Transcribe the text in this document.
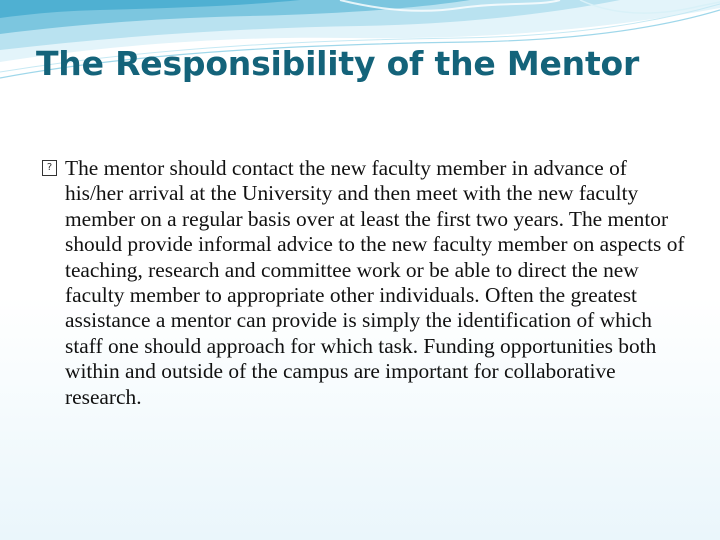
The Responsibility of the Mentor
? The mentor should contact the new faculty member in advance of his/her arrival at the University and then meet with the new faculty member on a regular basis over at least the first two years. The mentor should provide informal advice to the new faculty member on aspects of teaching, research and committee work or be able to direct the new faculty member to appropriate other individuals. Often the greatest assistance a mentor can provide is simply the identification of which staff one should approach for which task. Funding opportunities both within and outside of the campus are important for collaborative research.
